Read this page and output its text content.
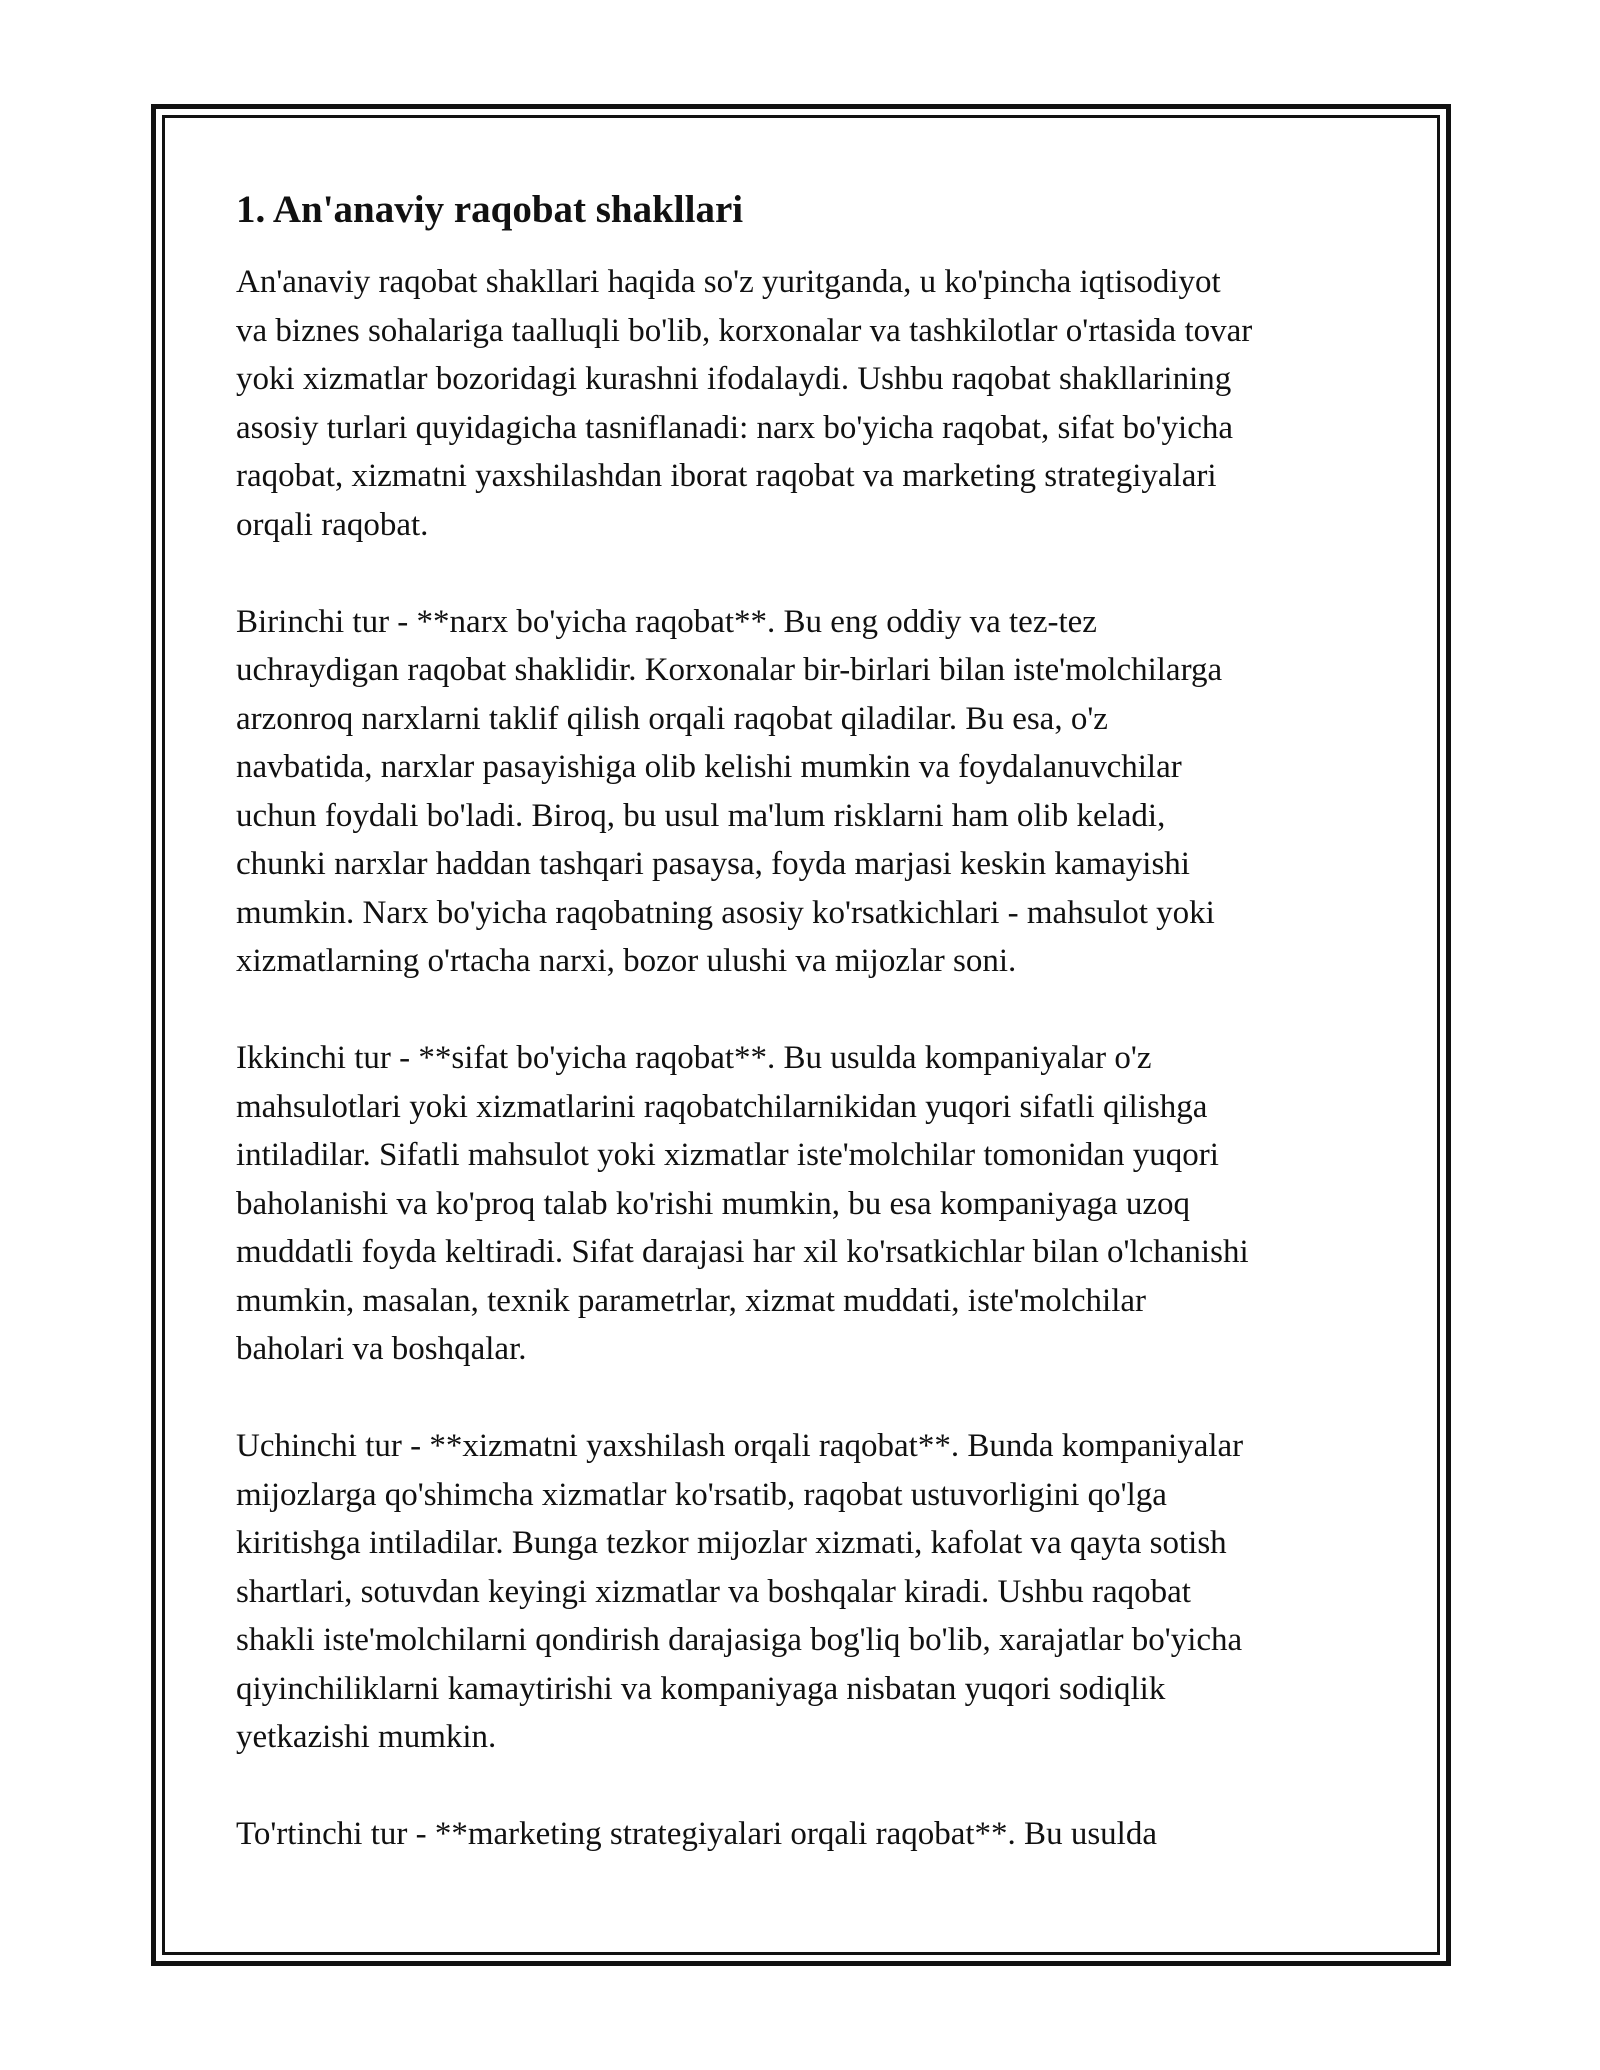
1. An'anaviy raqobat shakllari

An'anaviy raqobat shakllari haqida so'z yuritganda, u ko'pincha iqtisodiyot
va biznes sohalariga taalluqli bo'lib, korxonalar va tashkilotlar o'rtasida tovar
yoki xizmatlar bozoridagi kurashni ifodalaydi. Ushbu raqobat shakllarining
asosiy turlari quyidagicha tasniflanadi: narx bo'yicha raqobat, sifat bo'yicha
raqobat, xizmatni yaxshilashdan iborat raqobat va marketing strategiyalari
orqali raqobat.

Birinchi tur - **narx bo'yicha raqobat**. Bu eng oddiy va tez-tez
uchraydigan raqobat shaklidir. Korxonalar bir-birlari bilan iste'molchilarga
arzonroq narxlarni taklif qilish orqali raqobat qiladilar. Bu esa, o'z
navbatida, narxlar pasayishiga olib kelishi mumkin va foydalanuvchilar
uchun foydali bo'ladi. Biroq, bu usul ma'lum risklarni ham olib keladi,
chunki narxlar haddan tashqari pasaysa, foyda marjasi keskin kamayishi
mumkin. Narx bo'yicha raqobatning asosiy ko'rsatkichlari - mahsulot yoki
xizmatlarning o'rtacha narxi, bozor ulushi va mijozlar soni.

Ikkinchi tur - **sifat bo'yicha raqobat**. Bu usulda kompaniyalar o'z
mahsulotlari yoki xizmatlarini raqobatchilarnikidan yuqori sifatli qilishga
intiladilar. Sifatli mahsulot yoki xizmatlar iste'molchilar tomonidan yuqori
baholanishi va ko'proq talab ko'rishi mumkin, bu esa kompaniyaga uzoq
muddatli foyda keltiradi. Sifat darajasi har xil ko'rsatkichlar bilan o'lchanishi
mumkin, masalan, texnik parametrlar, xizmat muddati, iste'molchilar
baholari va boshqalar.

Uchinchi tur - **xizmatni yaxshilash orqali raqobat**. Bunda kompaniyalar
mijozlarga qo'shimcha xizmatlar ko'rsatib, raqobat ustuvorligini qo'lga
kiritishga intiladilar. Bunga tezkor mijozlar xizmati, kafolat va qayta sotish
shartlari, sotuvdan keyingi xizmatlar va boshqalar kiradi. Ushbu raqobat
shakli iste'molchilarni qondirish darajasiga bog'liq bo'lib, xarajatlar bo'yicha
qiyinchiliklarni kamaytirishi va kompaniyaga nisbatan yuqori sodiqlik
yetkazishi mumkin.

To'rtinchi tur - **marketing strategiyalari orqali raqobat**. Bu usulda
